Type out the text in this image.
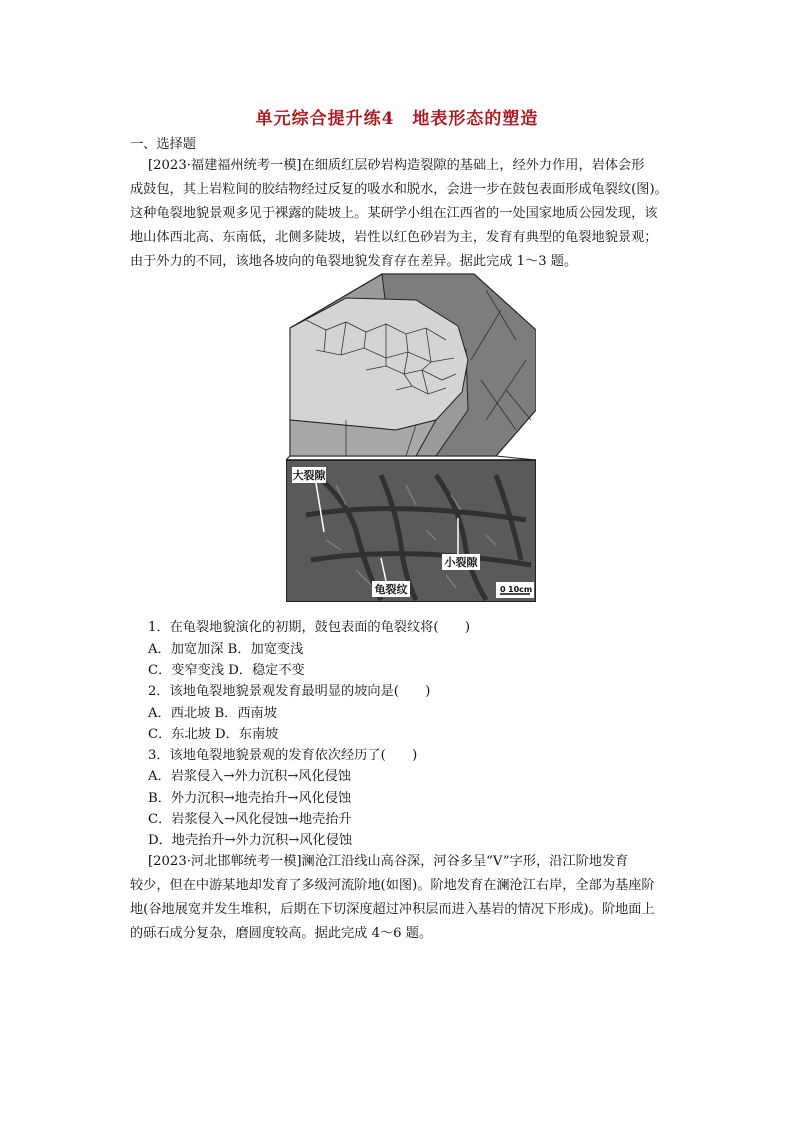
单元综合提升练4　地表形态的塑造
一、选择题
[2023·福建福州统考一模]在细质红层砂岩构造裂隙的基础上，经外力作用，岩体会形
成鼓包，其上岩粒间的胶结物经过反复的吸水和脱水，会进一步在鼓包表面形成龟裂纹(图)。
这种龟裂地貌景观多见于裸露的陡坡上。某研学小组在江西省的一处国家地质公园发现，该
地山体西北高、东南低，北侧多陡坡，岩性以红色砂岩为主，发育有典型的龟裂地貌景观；
由于外力的不同，该地各坡向的龟裂地貌发育存在差异。据此完成 1～3 题。
大裂隙
小裂隙
龟裂纹	0 10cm
1．在龟裂地貌演化的初期，鼓包表面的龟裂纹将(　　)
A．加宽加深 B．加宽变浅
C．变窄变浅 D．稳定不变
2．该地龟裂地貌景观发育最明显的坡向是(　　)
A．西北坡 B．西南坡
C．东北坡 D．东南坡
3．该地龟裂地貌景观的发育依次经历了(　　)
A．岩浆侵入→外力沉积→风化侵蚀
B．外力沉积→地壳抬升→风化侵蚀
C．岩浆侵入→风化侵蚀→地壳抬升
D．地壳抬升→外力沉积→风化侵蚀
[2023·河北邯郸统考一模]澜沧江沿线山高谷深，河谷多呈“V”字形，沿江阶地发育
较少，但在中游某地却发育了多级河流阶地(如图)。阶地发育在澜沧江右岸，全部为基座阶
地(谷地展宽并发生堆积，后期在下切深度超过冲积层而进入基岩的情况下形成)。阶地面上
的砾石成分复杂，磨圆度较高。据此完成 4～6 题。
